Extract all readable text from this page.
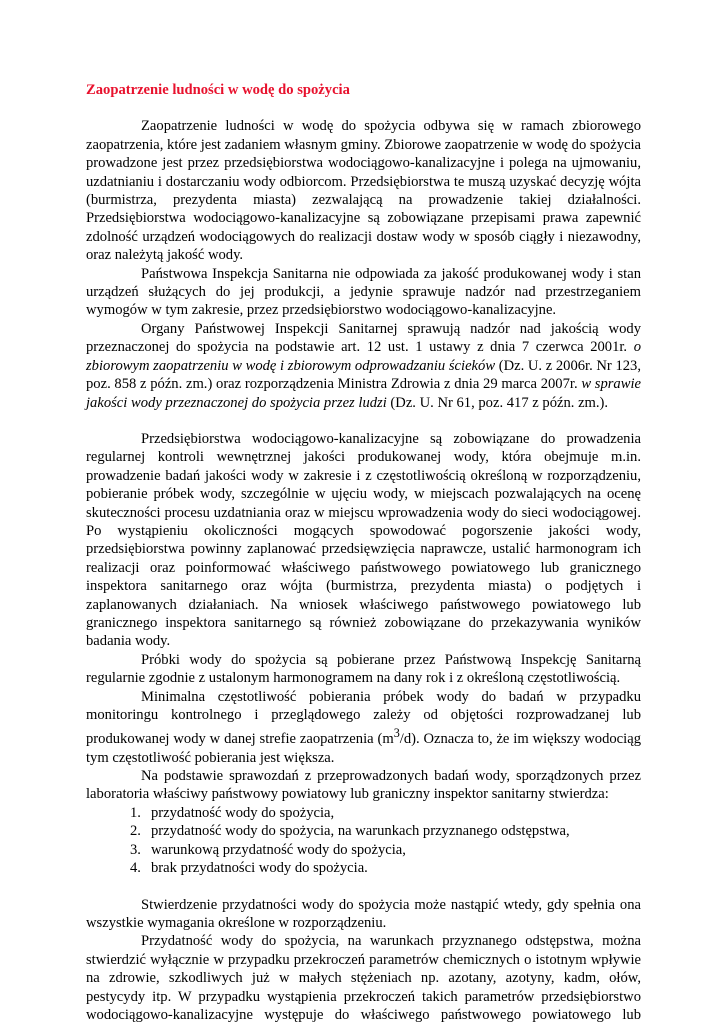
Zaopatrzenie ludności w wodę do spożycia

Zaopatrzenie ludności w wodę do spożycia odbywa się w ramach zbiorowego zaopatrzenia, które jest zadaniem własnym gminy. Zbiorowe zaopatrzenie w wodę do spożycia prowadzone jest przez przedsiębiorstwa wodociągowo-kanalizacyjne i polega na ujmowaniu, uzdatnianiu i dostarczaniu wody odbiorcom. Przedsiębiorstwa te muszą uzyskać decyzję wójta (burmistrza, prezydenta miasta) zezwalającą na prowadzenie takiej działalności. Przedsiębiorstwa wodociągowo-kanalizacyjne są zobowiązane przepisami prawa zapewnić zdolność urządzeń wodociągowych do realizacji dostaw wody w sposób ciągły i niezawodny, oraz należytą jakość wody.

Państwowa Inspekcja Sanitarna nie odpowiada za jakość produkowanej wody i stan urządzeń służących do jej produkcji, a jedynie sprawuje nadzór nad przestrzeganiem wymogów w tym zakresie, przez przedsiębiorstwo wodociągowo-kanalizacyjne.

Organy Państwowej Inspekcji Sanitarnej sprawują nadzór nad jakością wody przeznaczonej do spożycia na podstawie art. 12 ust. 1 ustawy z dnia 7 czerwca 2001r. o zbiorowym zaopatrzeniu w wodę i zbiorowym odprowadzaniu ścieków (Dz. U. z 2006r. Nr 123, poz. 858 z późn. zm.) oraz rozporządzenia Ministra Zdrowia z dnia 29 marca 2007r. w sprawie jakości wody przeznaczonej do spożycia przez ludzi (Dz. U. Nr 61, poz. 417 z późn. zm.).

Przedsiębiorstwa wodociągowo-kanalizacyjne są zobowiązane do prowadzenia regularnej kontroli wewnętrznej jakości produkowanej wody, która obejmuje m.in. prowadzenie badań jakości wody w zakresie i z częstotliwością określoną w rozporządzeniu, pobieranie próbek wody, szczególnie w ujęciu wody, w miejscach pozwalających na ocenę skuteczności procesu uzdatniania oraz w miejscu wprowadzenia wody do sieci wodociągowej. Po wystąpieniu okoliczności mogących spowodować pogorszenie jakości wody, przedsiębiorstwa powinny zaplanować przedsięwzięcia naprawcze, ustalić harmonogram ich realizacji oraz poinformować właściwego państwowego powiatowego lub granicznego inspektora sanitarnego oraz wójta (burmistrza, prezydenta miasta) o podjętych i zaplanowanych działaniach. Na wniosek właściwego państwowego powiatowego lub granicznego inspektora sanitarnego są również zobowiązane do przekazywania wyników badania wody.

Próbki wody do spożycia są pobierane przez Państwową Inspekcję Sanitarną regularnie zgodnie z ustalonym harmonogramem na dany rok i z określoną częstotliwością.

Minimalna częstotliwość pobierania próbek wody do badań w przypadku monitoringu kontrolnego i przeglądowego zależy od objętości rozprowadzanej lub produkowanej wody w danej strefie zaopatrzenia $(m^3/d)$. Oznacza to, że im większy wodociąg tym częstotliwość pobierania jest większa.

Na podstawie sprawozdań z przeprowadzonych badań wody, sporządzonych przez laboratoria właściwy państwowy powiatowy lub graniczny inspektor sanitarny stwierdza:

1. przydatność wody do spożycia,
2. przydatność wody do spożycia, na warunkach przyznanego odstępstwa,
3. warunkową przydatność wody do spożycia,
4. brak przydatności wody do spożycia.

Stwierdzenie przydatności wody do spożycia może nastąpić wtedy, gdy spełnia ona wszystkie wymagania określone w rozporządzeniu.

Przydatność wody do spożycia, na warunkach przyznanego odstępstwa, można stwierdzić wyłącznie w przypadku przekroczeń parametrów chemicznych o istotnym wpływie na zdrowie, szkodliwych już w małych stężeniach np. azotany, azotyny, kadm, ołów, pestycydy itp. W przypadku wystąpienia przekroczeń takich parametrów przedsiębiorstwo wodociągowo-kanalizacyjne występuje do właściwego państwowego powiatowego lub
